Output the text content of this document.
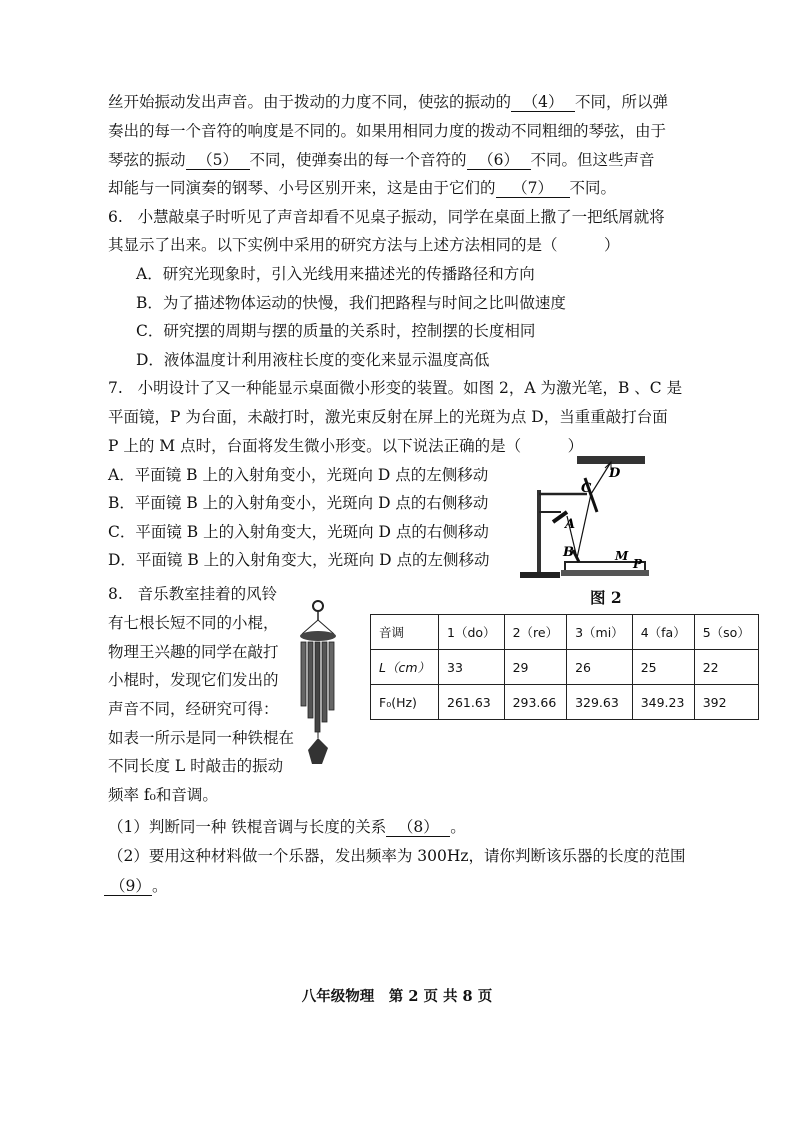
丝开始振动发出声音。由于拨动的力度不同，使弦的振动的 （4） 不同，所以弹
奏出的每一个音符的响度是不同的。如果用相同力度的拨动不同粗细的琴弦，由于
琴弦的振动 （5） 不同，使弹奏出的每一个音符的 （6） 不同。但这些声音
却能与一同演奏的钢琴、小号区别开来，这是由于它们的 （7） 不同。
6. 小慧敲桌子时听见了声音却看不见桌子振动，同学在桌面上撒了一把纸屑就将
其显示了出来。以下实例中采用的研究方法与上述方法相同的是（　　　）
A．研究光现象时，引入光线用来描述光的传播路径和方向
B．为了描述物体运动的快慢，我们把路程与时间之比叫做速度
C．研究摆的周期与摆的质量的关系时，控制摆的长度相同
D．液体温度计利用液柱长度的变化来显示温度高低
7. 小明设计了又一种能显示桌面微小形变的装置。如图 2，A 为激光笔，B 、C 是
平面镜，P 为台面，未敲打时，激光束反射在屏上的光斑为点 D，当重重敲打台面
P 上的 M 点时，台面将发生微小形变。以下说法正确的是（　　　）
A．平面镜 B 上的入射角变小，光斑向 D 点的左侧移动
B．平面镜 B 上的入射角变小，光斑向 D 点的右侧移动
C．平面镜 B 上的入射角变大，光斑向 D 点的右侧移动
D．平面镜 B 上的入射角变大，光斑向 D 点的左侧移动
D
C
A
B	M
P
图 2
8. 音乐教室挂着的风铃
有七根长短不同的小棍，
物理王兴趣的同学在敲打
小棍时，发现它们发出的
声音不同，经研究可得：
如表一所示是同一种铁棍在
不同长度 L 时敲击的振动
频率 f₀和音调。
音调	1（do）	2（re）	3（mi）	4（fa）	5（so）
L（cm）	33	29	26	25	22
F₀(Hz)	261.63	293.66	329.63	349.23	392
（1）判断同一种 铁棍音调与长度的关系 （8） 。
（2）要用这种材料做一个乐器，发出频率为 300Hz，请你判断该乐器的长度的范围
（9）。
八年级物理　第 2 页 共 8 页
